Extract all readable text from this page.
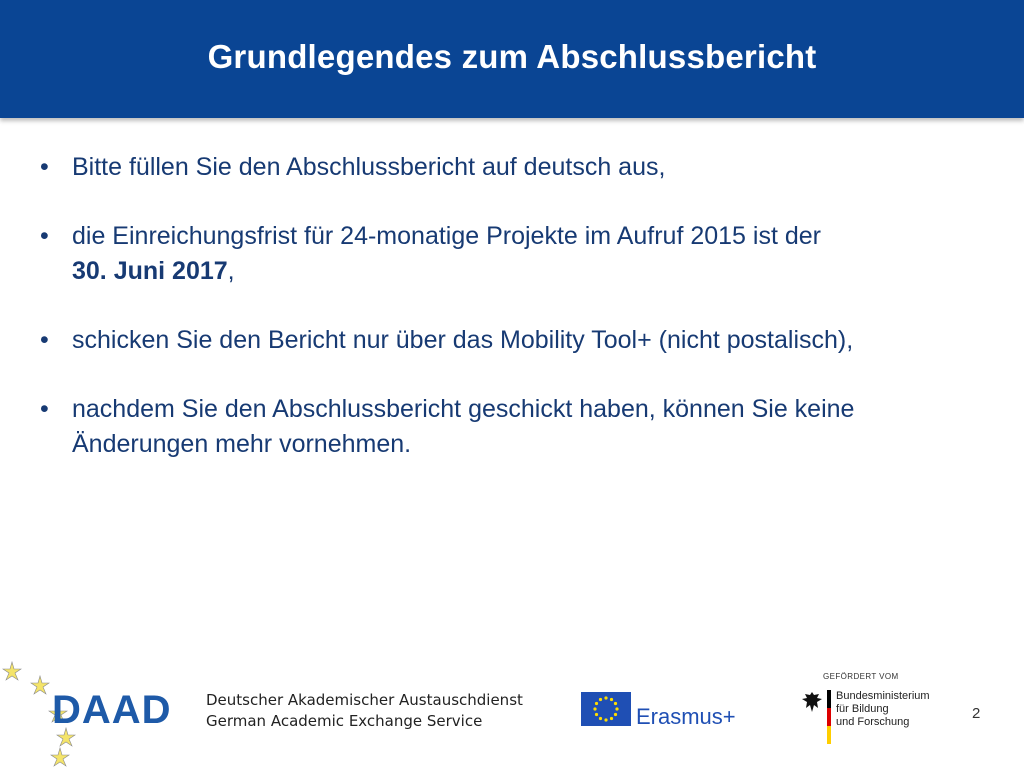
Grundlegendes zum Abschlussbericht
• Bitte füllen Sie den Abschlussbericht auf deutsch aus,
• die Einreichungsfrist für 24-monatige Projekte im Aufruf 2015 ist der
30. Juni 2017,
• schicken Sie den Bericht nur über das Mobility Tool+ (nicht postalisch),
• nachdem Sie den Abschlussbericht geschickt haben, können Sie keine
Änderungen mehr vornehmen.
DAAD Deutscher Akademischer Austauschdienst
German Academic Exchange Service	Erasmus+
GEFÖRDERT VOM
Bundesministerium
für Bildung
und Forschung	2
